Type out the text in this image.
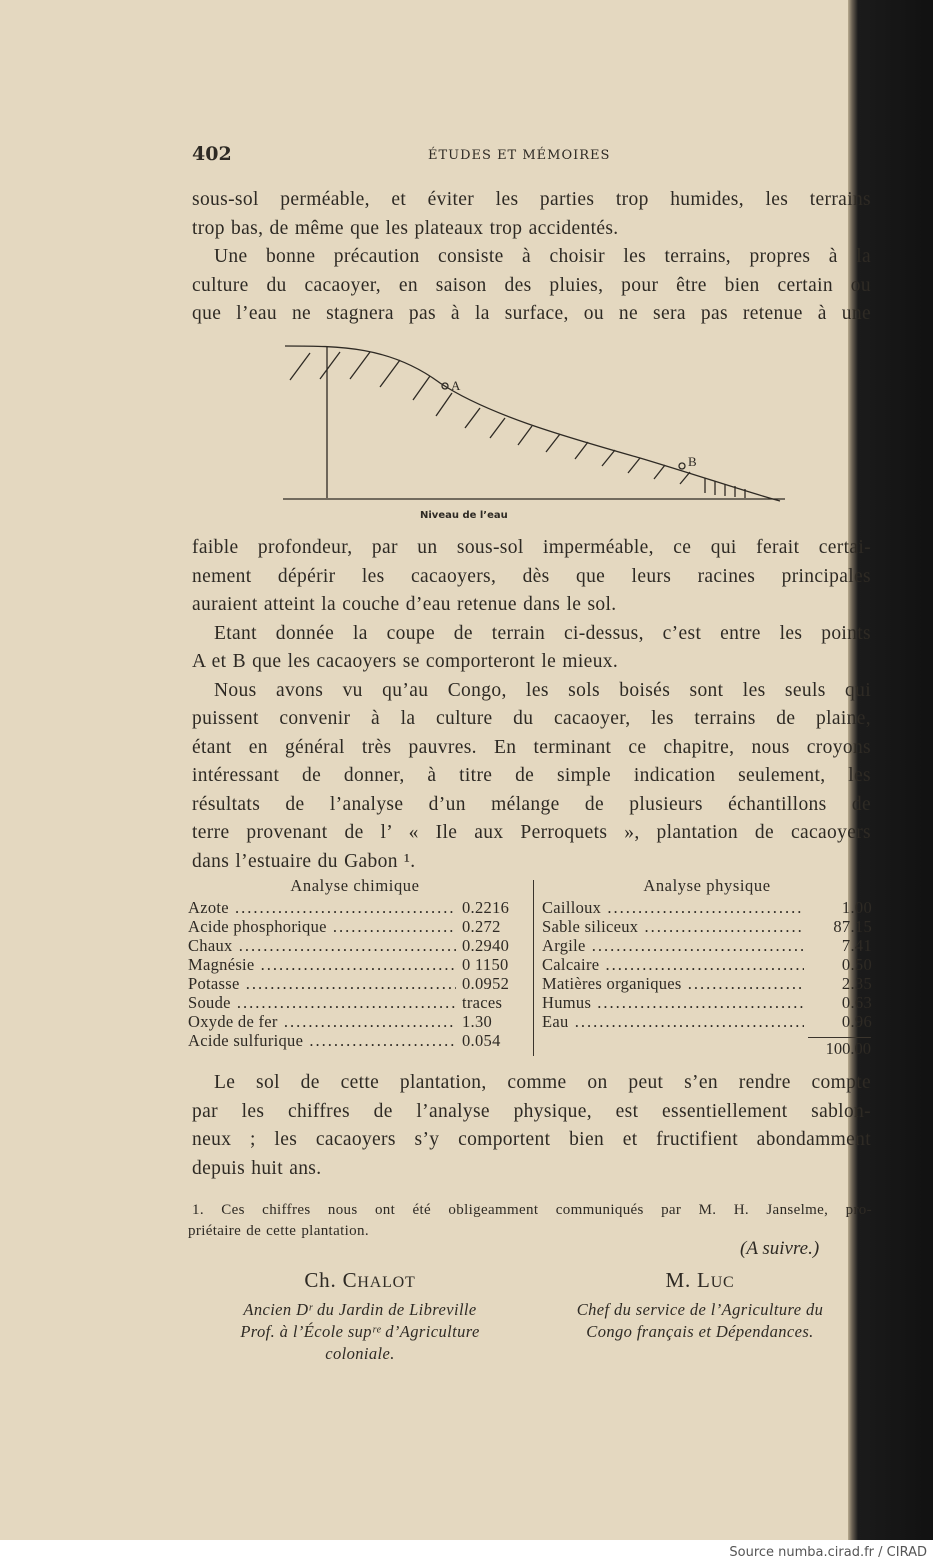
Source numba.cirad.fr / CIRAD
402	ÉTUDES ET MÉMOIRES
sous-sol perméable, et éviter les parties trop humides, les terrains
trop bas, de même que les plateaux trop accidentés.
Une bonne précaution consiste à choisir les terrains, propres à la
culture du cacaoyer, en saison des pluies, pour être bien certain ou
que l’eau ne stagnera pas à la surface, ou ne sera pas retenue à une
A
B
Niveau de l’eau
faible profondeur, par un sous-sol imperméable, ce qui ferait certai-
nement dépérir les cacaoyers, dès que leurs racines principales
auraient atteint la couche d’eau retenue dans le sol.
Etant donnée la coupe de terrain ci-dessus, c’est entre les points
A et B que les cacaoyers se comporteront le mieux.
Nous avons vu qu’au Congo, les sols boisés sont les seuls qui
puissent convenir à la culture du cacaoyer, les terrains de plaine,
étant en général très pauvres. En terminant ce chapitre, nous croyons
intéressant de donner, à titre de simple indication seulement, les
résultats de l’analyse d’un mélange de plusieurs échantillons de
terre provenant de l’ « Ile aux Perroquets », plantation de cacaoyers
dans l’estuaire du Gabon ¹.
Analyse chimique
Azote .....	0.2216
Acide phosphorique .....	0.272
Chaux .....	0.2940
Magnésie .....	0 1150
Potasse .....	0.0952
Soude .....	traces
Oxyde de fer .....	1.30
Acide sulfurique .....	0.054
Analyse physique
Cailloux .....	1.00
Sable siliceux .....	87.15
Argile .....	7.41
Calcaire .....	0.50
Matières organiques .....	2.35
Humus .....	0.63
Eau .....	0.96
100.00
Le sol de cette plantation, comme on peut s’en rendre compte
par les chiffres de l’analyse physique, est essentiellement sablon-
neux ; les cacaoyers s’y comportent bien et fructifient abondamment
depuis huit ans.
1. Ces chiffres nous ont été obligeamment communiqués par M. H. Janselme, pro-
priétaire de cette plantation.
(A suivre.)
Ch. CHALOT
Ancien Dʳ du Jardin de Libreville
Prof. à l’École supʳᵉ d’Agriculture
coloniale.
M. LUC
Chef du service de l’Agriculture du
Congo français et Dépendances.
